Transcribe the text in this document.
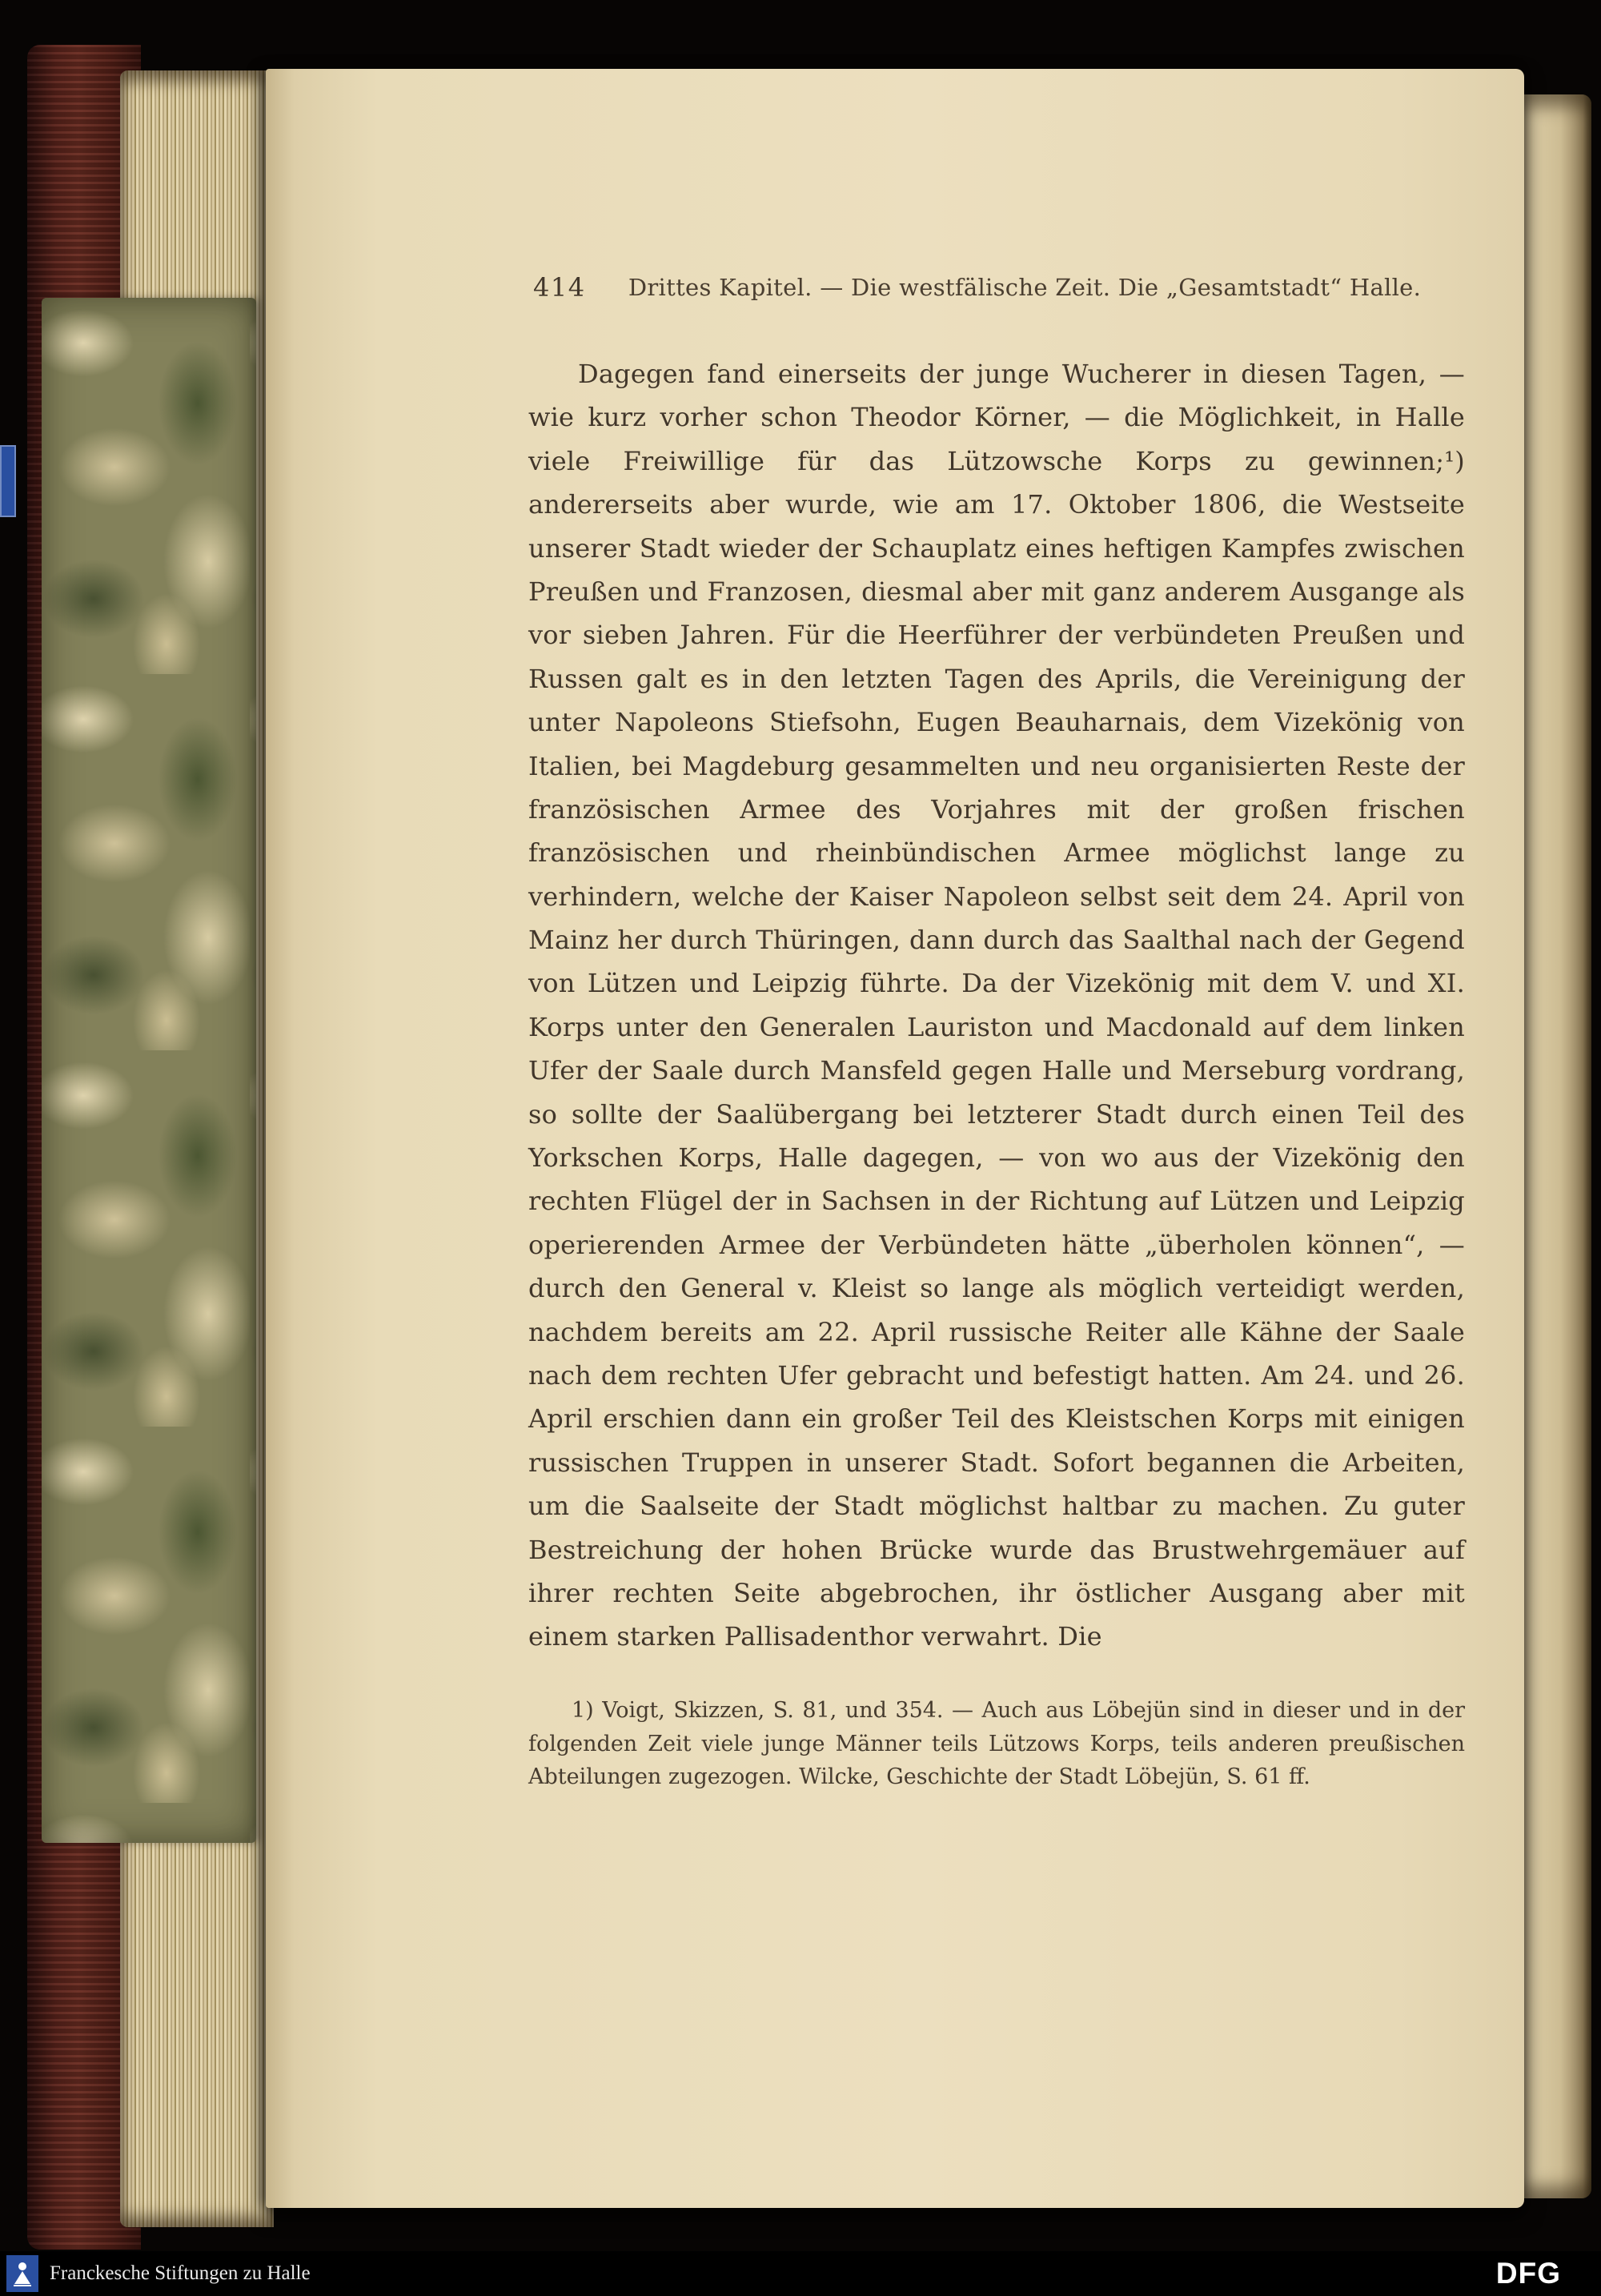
414	Drittes Kapitel. — Die westfälische Zeit. Die „Gesamtstadt“ Halle.

Dagegen fand einerseits der junge Wucherer in diesen Tagen, — wie kurz vorher schon Theodor Körner, — die Möglichkeit, in Halle viele Freiwillige für das Lützowsche Korps zu gewinnen;¹) andererseits aber wurde, wie am 17. Oktober 1806, die Westseite unserer Stadt wieder der Schauplatz eines heftigen Kampfes zwischen Preußen und Franzosen, diesmal aber mit ganz anderem Ausgange als vor sieben Jahren. Für die Heerführer der verbündeten Preußen und Russen galt es in den letzten Tagen des Aprils, die Vereinigung der unter Napoleons Stiefsohn, Eugen Beauharnais, dem Vizekönig von Italien, bei Magdeburg gesammelten und neu organisierten Reste der französischen Armee des Vorjahres mit der großen frischen französischen und rheinbündischen Armee möglichst lange zu verhindern, welche der Kaiser Napoleon selbst seit dem 24. April von Mainz her durch Thüringen, dann durch das Saalthal nach der Gegend von Lützen und Leipzig führte. Da der Vizekönig mit dem V. und XI. Korps unter den Generalen Lauriston und Macdonald auf dem linken Ufer der Saale durch Mansfeld gegen Halle und Merseburg vordrang, so sollte der Saalübergang bei letzterer Stadt durch einen Teil des Yorkschen Korps, Halle dagegen, — von wo aus der Vizekönig den rechten Flügel der in Sachsen in der Richtung auf Lützen und Leipzig operierenden Armee der Verbündeten hätte „überholen können“, — durch den General v. Kleist so lange als möglich verteidigt werden, nachdem bereits am 22. April russische Reiter alle Kähne der Saale nach dem rechten Ufer gebracht und befestigt hatten. Am 24. und 26. April erschien dann ein großer Teil des Kleistschen Korps mit einigen russischen Truppen in unserer Stadt. Sofort begannen die Arbeiten, um die Saalseite der Stadt möglichst haltbar zu machen. Zu guter Bestreichung der hohen Brücke wurde das Brustwehrgemäuer auf ihrer rechten Seite abgebrochen, ihr östlicher Ausgang aber mit einem starken Pallisadenthor verwahrt. Die

1) Voigt, Skizzen, S. 81, und 354. — Auch aus Löbejün sind in dieser und in der folgenden Zeit viele junge Männer teils Lützows Korps, teils anderen preußischen Abteilungen zugezogen. Wilcke, Geschichte der Stadt Löbejün, S. 61 ff.

Franckesche Stiftungen zu Halle	DFG
